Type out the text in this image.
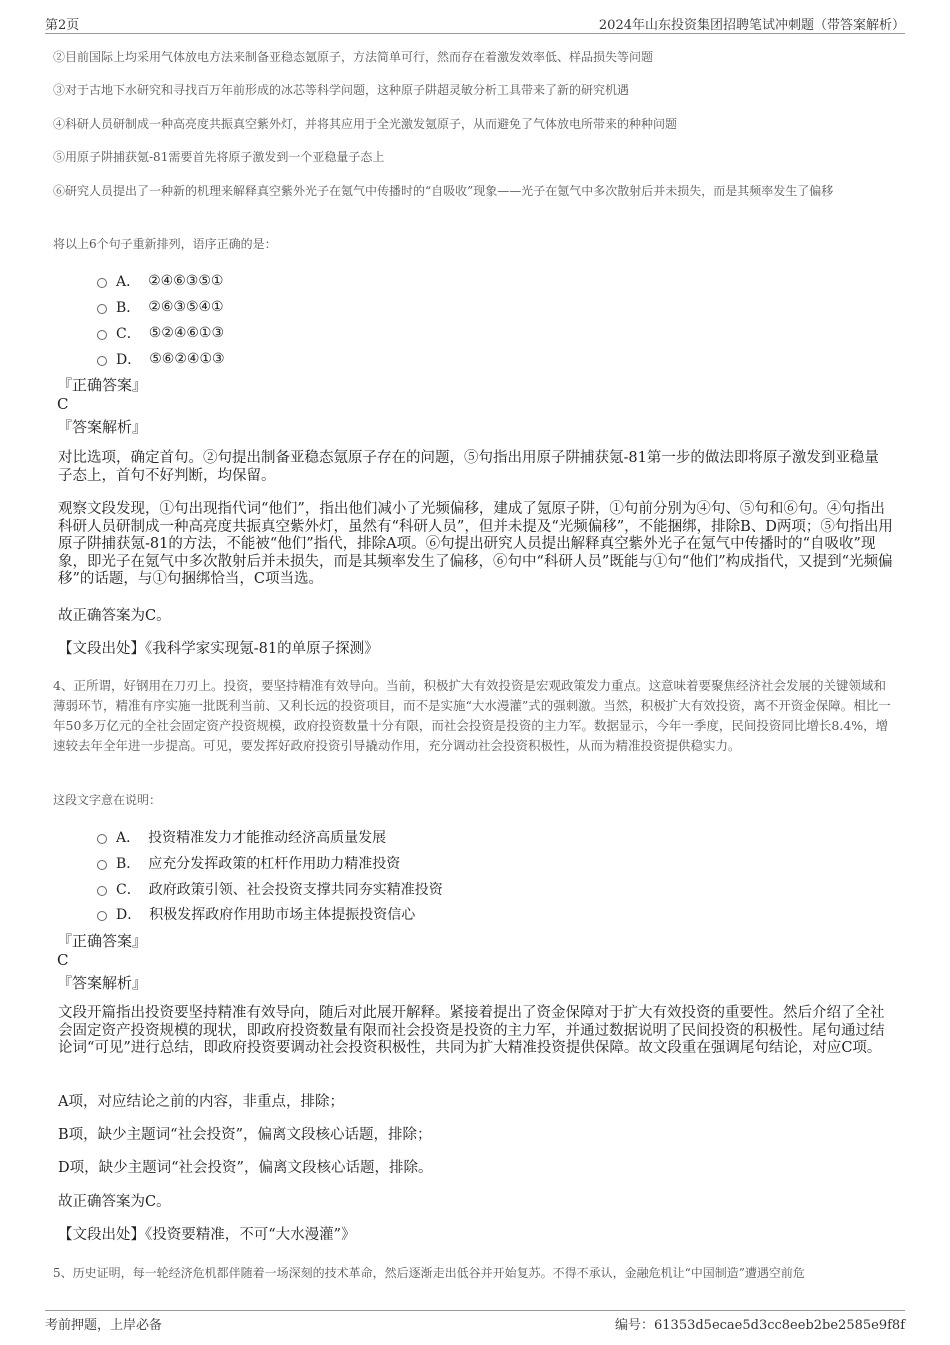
第2页	2024年山东投资集团招聘笔试冲刺题（带答案解析）
②目前国际上均采用气体放电方法来制备亚稳态氪原子，方法简单可行，然而存在着激发效率低、样品损失等问题
③对于古地下水研究和寻找百万年前形成的冰芯等科学问题，这种原子阱超灵敏分析工具带来了新的研究机遇
④科研人员研制成一种高亮度共振真空紫外灯，并将其应用于全光激发氪原子，从而避免了气体放电所带来的种种问题
⑤用原子阱捕获氪-81需要首先将原子激发到一个亚稳量子态上
⑥研究人员提出了一种新的机理来解释真空紫外光子在氪气中传播时的“自吸收”现象——光子在氪气中多次散射后并未损失，而是其频率发生了偏移
将以上6个句子重新排列，语序正确的是：
A． ②④⑥③⑤①
B． ②⑥③⑤④①
C． ⑤②④⑥①③
D． ⑤⑥②④①③
『正确答案』
C
『答案解析』
对比选项，确定首句。②句提出制备亚稳态氪原子存在的问题，⑤句指出用原子阱捕获氪-81第一步的做法即将原子激发到亚稳量子态上，首句不好判断，均保留。
观察文段发现，①句出现指代词“他们”，指出他们减小了光频偏移，建成了氪原子阱，①句前分别为④句、⑤句和⑥句。④句指出科研人员研制成一种高亮度共振真空紫外灯，虽然有“科研人员”，但并未提及“光频偏移”，不能捆绑，排除B、D两项；⑤句指出用原子阱捕获氪-81的方法，不能被“他们”指代，排除A项。⑥句提出研究人员提出解释真空紫外光子在氪气中传播时的“自吸收”现象，即光子在氪气中多次散射后并未损失，而是其频率发生了偏移，⑥句中“科研人员”既能与①句“他们”构成指代，又提到“光频偏移”的话题，与①句捆绑恰当，C项当选。
故正确答案为C。
【文段出处】《我科学家实现氪-81的单原子探测》
4、正所谓，好钢用在刀刃上。投资，要坚持精准有效导向。当前，积极扩大有效投资是宏观政策发力重点。这意味着要聚焦经济社会发展的关键领域和薄弱环节，精准有序实施一批既利当前、又利长远的投资项目，而不是实施“大水漫灌”式的强刺激。当然，积极扩大有效投资，离不开资金保障。相比一年50多万亿元的全社会固定资产投资规模，政府投资数量十分有限，而社会投资是投资的主力军。数据显示，今年一季度，民间投资同比增长8.4%，增速较去年全年进一步提高。可见，要发挥好政府投资引导撬动作用，充分调动社会投资积极性，从而为精准投资提供稳实力。
这段文字意在说明：
A． 投资精准发力才能推动经济高质量发展
B． 应充分发挥政策的杠杆作用助力精准投资
C． 政府政策引领、社会投资支撑共同夯实精准投资
D． 积极发挥政府作用助市场主体提振投资信心
『正确答案』
C
『答案解析』
文段开篇指出投资要坚持精准有效导向，随后对此展开解释。紧接着提出了资金保障对于扩大有效投资的重要性。然后介绍了全社会固定资产投资规模的现状，即政府投资数量有限而社会投资是投资的主力军，并通过数据说明了民间投资的积极性。尾句通过结论词“可见”进行总结，即政府投资要调动社会投资积极性，共同为扩大精准投资提供保障。故文段重在强调尾句结论，对应C项。
A项，对应结论之前的内容，非重点，排除；
B项，缺少主题词“社会投资”，偏离文段核心话题，排除；
D项，缺少主题词“社会投资”，偏离文段核心话题，排除。
故正确答案为C。
【文段出处】《投资要精准，不可“大水漫灌”》
5、历史证明，每一轮经济危机都伴随着一场深刻的技术革命，然后逐渐走出低谷并开始复苏。不得不承认，金融危机让“中国制造”遭遇空前危
考前押题，上岸必备	编号：61353d5ecae5d3cc8eeb2be2585e9f8f
